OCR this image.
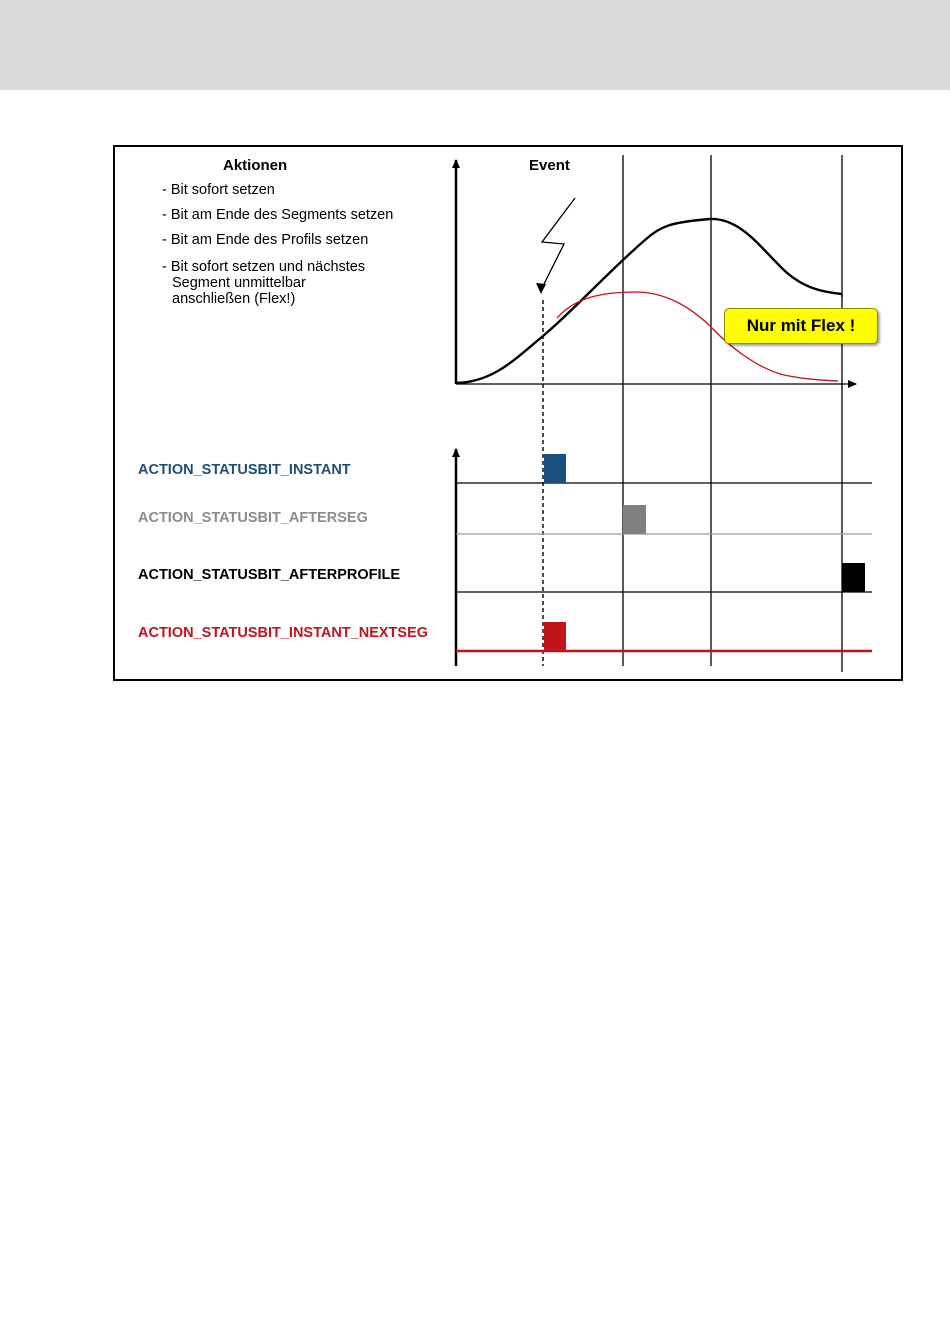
Aktionen
- Bit sofort setzen
- Bit am Ende des Segments setzen
- Bit am Ende des Profils setzen
- Bit sofort setzen und nächstes
Segment unmittelbar
anschließen (Flex!)
Event
ACTION_STATUSBIT_INSTANT
ACTION_STATUSBIT_AFTERSEG
ACTION_STATUSBIT_AFTERPROFILE
ACTION_STATUSBIT_INSTANT_NEXTSEG
Nur mit Flex !
